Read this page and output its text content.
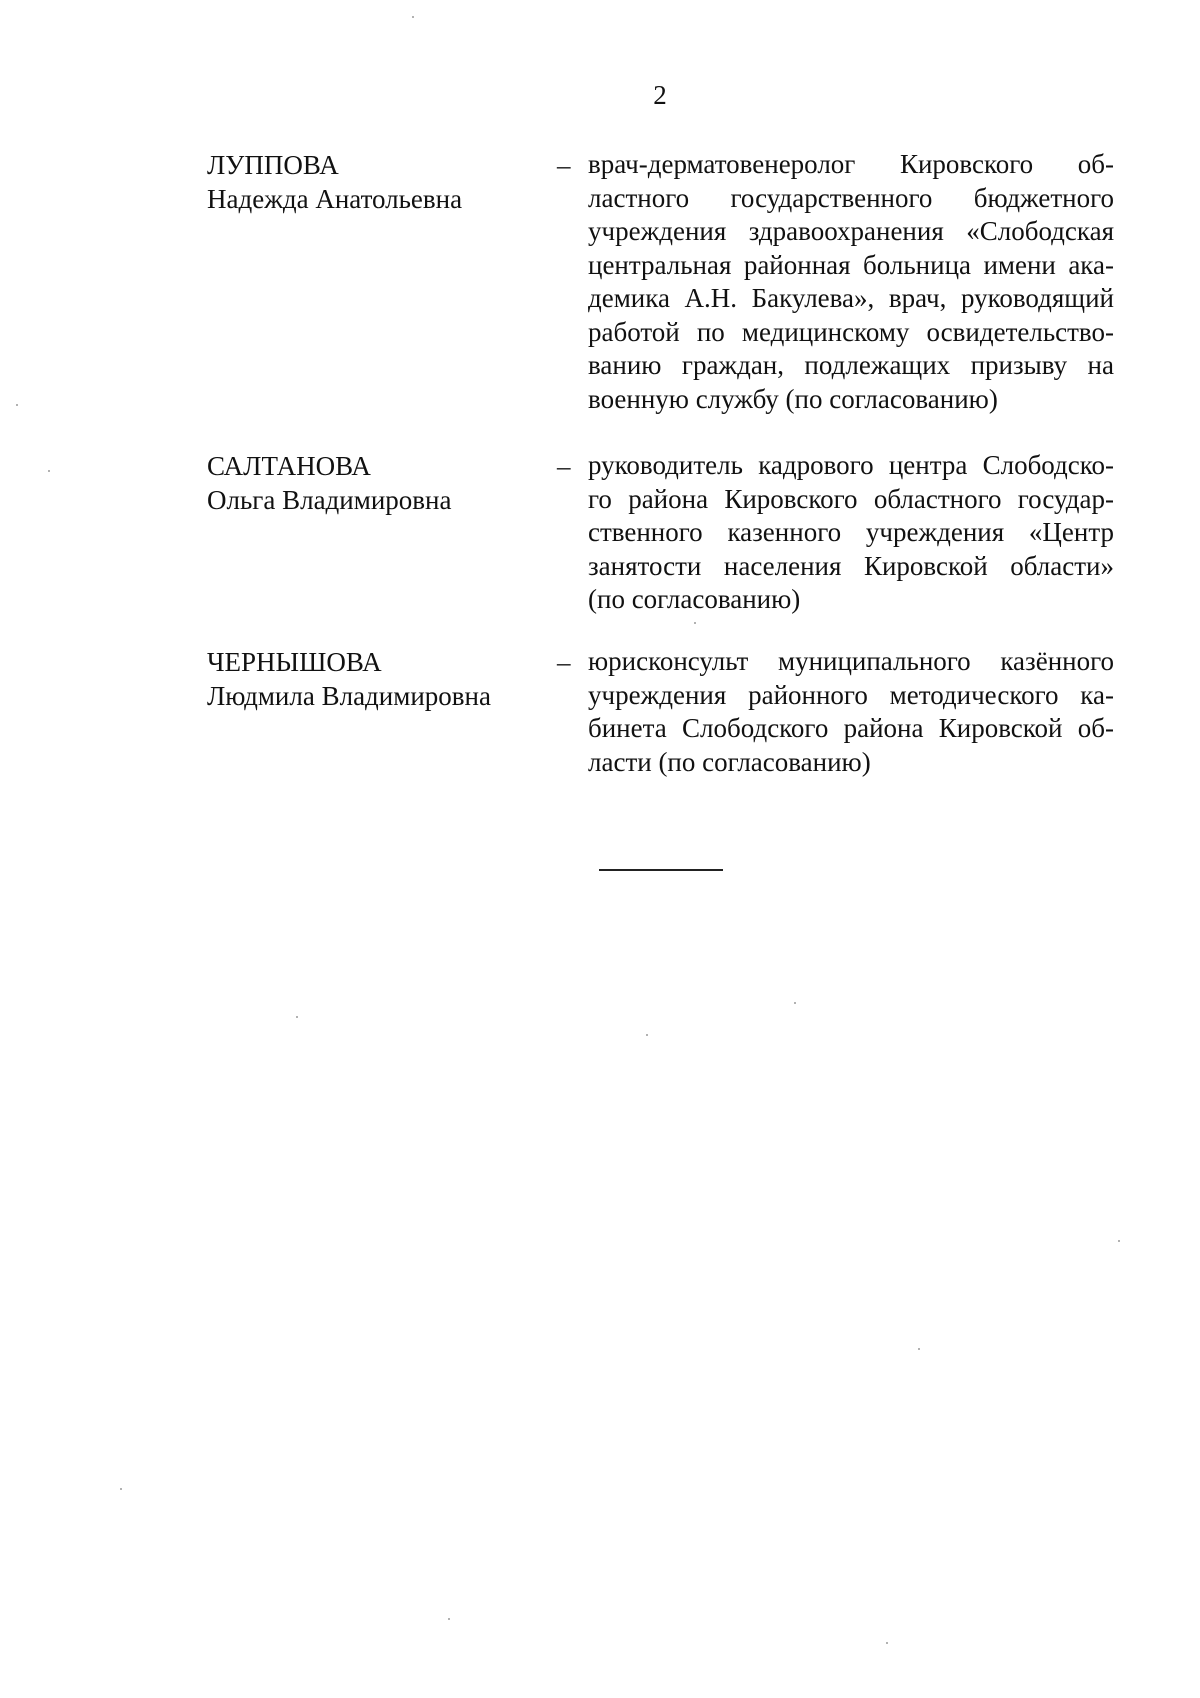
2
ЛУППОВА
Надежда Анатольевна
– врач-дерматовенеролог Кировского об-
ластного государственного бюджетного
учреждения здравоохранения «Слободская
центральная районная больница имени ака-
демика А.Н. Бакулева», врач, руководящий
работой по медицинскому освидетельство-
ванию граждан, подлежащих призыву на
военную службу (по согласованию)
САЛТАНОВА
Ольга Владимировна
– руководитель кадрового центра Слободско-
го района Кировского областного государ-
ственного казенного учреждения «Центр
занятости населения Кировской области»
(по согласованию)
ЧЕРНЫШОВА
Людмила Владимировна
– юрисконсульт муниципального казённого
учреждения районного методического ка-
бинета Слободского района Кировской об-
ласти (по согласованию)
